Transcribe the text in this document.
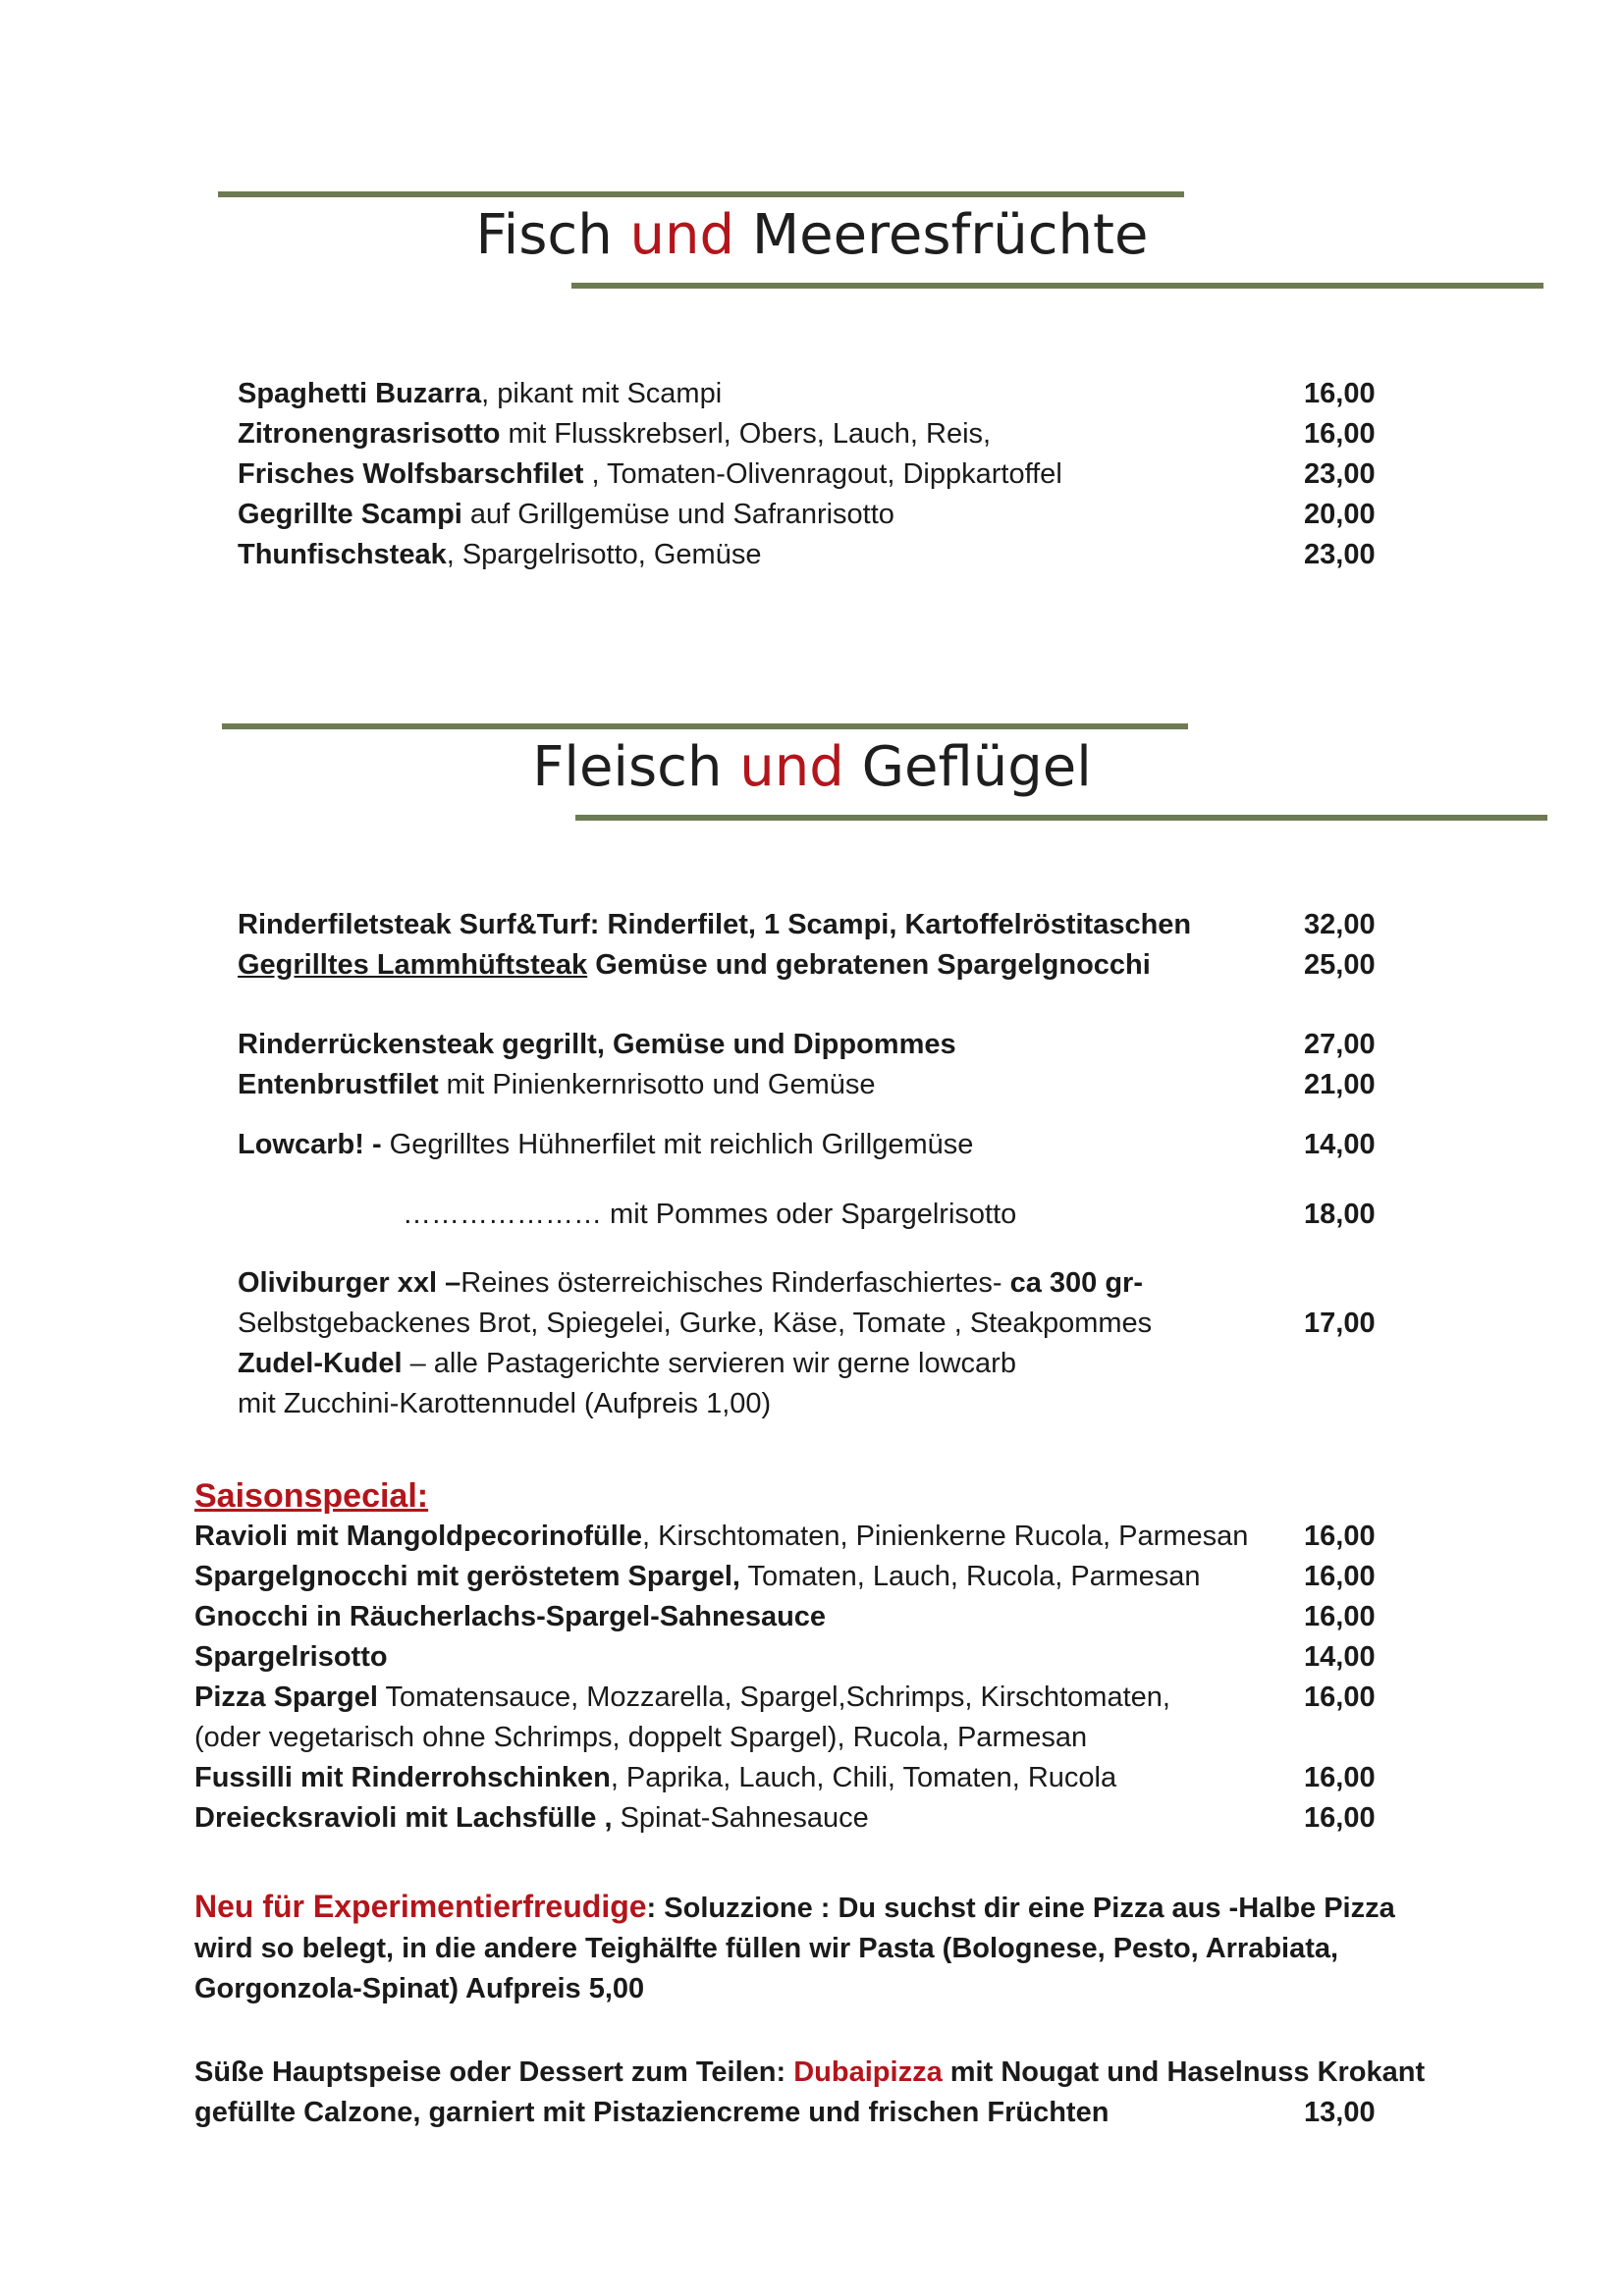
Fisch und Meeresfrüchte
Spaghetti Buzarra, pikant mit Scampi	16,00
Zitronengrasrisotto mit Flusskrebserl, Obers, Lauch, Reis,	16,00
Frisches Wolfsbarschfilet , Tomaten-Olivenragout, Dippkartoffel	23,00
Gegrillte Scampi auf Grillgemüse und Safranrisotto	20,00
Thunfischsteak, Spargelrisotto, Gemüse	23,00
Fleisch und Geflügel
Rinderfiletsteak Surf&Turf: Rinderfilet, 1 Scampi, Kartoffelröstitaschen	32,00
Gegrilltes Lammhüftsteak Gemüse und gebratenen Spargelgnocchi	25,00
Rinderrückensteak gegrillt, Gemüse und Dippommes	27,00
Entenbrustfilet mit Pinienkernrisotto und Gemüse	21,00
Lowcarb! - Gegrilltes Hühnerfilet mit reichlich Grillgemüse	14,00
………………… mit Pommes oder Spargelrisotto	18,00
Oliviburger xxl –Reines österreichisches Rinderfaschiertes- ca 300 gr-
Selbstgebackenes Brot, Spiegelei, Gurke, Käse, Tomate , Steakpommes	17,00
Zudel-Kudel – alle Pastagerichte servieren wir gerne lowcarb
mit Zucchini-Karottennudel (Aufpreis 1,00)
Saisonspecial:
Ravioli mit Mangoldpecorinofülle, Kirschtomaten, Pinienkerne Rucola, Parmesan 16,00
Spargelgnocchi mit geröstetem Spargel, Tomaten, Lauch, Rucola, Parmesan	16,00
Gnocchi in Räucherlachs-Spargel-Sahnesauce	16,00
Spargelrisotto	14,00
Pizza Spargel Tomatensauce, Mozzarella, Spargel,Schrimps, Kirschtomaten,	16,00
(oder vegetarisch ohne Schrimps, doppelt Spargel), Rucola, Parmesan
Fussilli mit Rinderrohschinken, Paprika, Lauch, Chili, Tomaten, Rucola	16,00
Dreiecksravioli mit Lachsfülle , Spinat-Sahnesauce	16,00
Neu für Experimentierfreudige: Soluzzione : Du suchst dir eine Pizza aus -Halbe Pizza wird so belegt, in die andere Teighälfte füllen wir Pasta (Bolognese, Pesto, Arrabiata, Gorgonzola-Spinat) Aufpreis 5,00
Süße Hauptspeise oder Dessert zum Teilen: Dubaipizza mit Nougat und Haselnuss Krokant
gefüllte Calzone, garniert mit Pistaziencreme und frischen Früchten	13,00
